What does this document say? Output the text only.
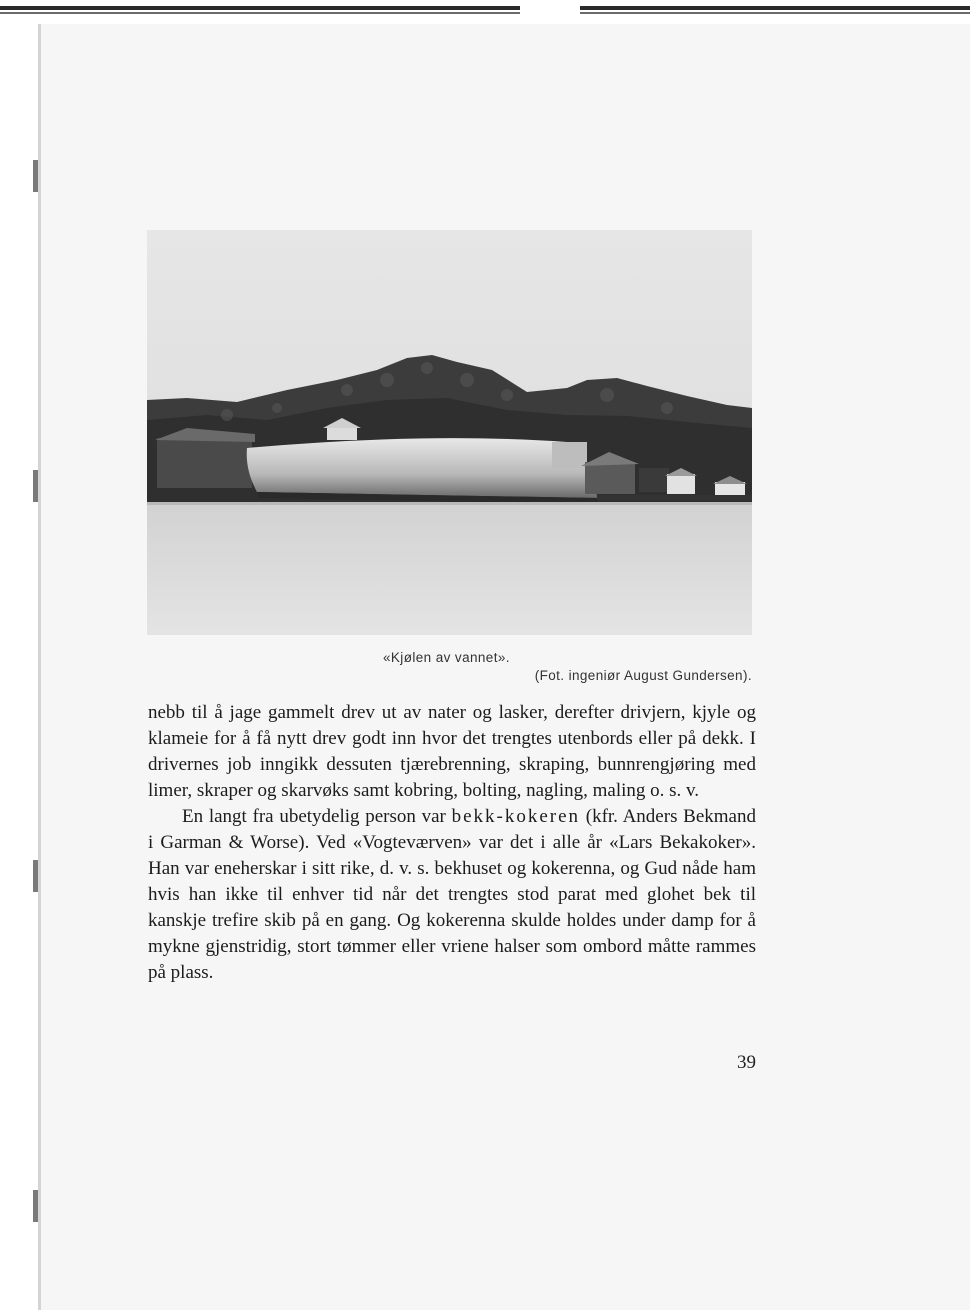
«Kjølen av vannet».
(Fot. ingeniør August Gundersen).

nebb til å jage gammelt drev ut av nater og lasker, derefter drivjern, kjyle og klameie for å få nytt drev godt inn hvor det trengtes utenbords eller på dekk. I drivernes job inngikk dessuten tjærebrenning, skraping, bunnrengjøring med limer, skraper og skarvøks samt kobring, bolting, nagling, maling o. s. v.

En langt fra ubetydelig person var bekk-kokeren (kfr. Anders Bekmand i Garman & Worse). Ved «Vogteværven» var det i alle år «Lars Bekakoker». Han var eneherskar i sitt rike, d. v. s. bekhuset og kokerenna, og Gud nåde ham hvis han ikke til enhver tid når det trengtes stod parat med glohet bek til kanskje trefire skib på en gang. Og kokerenna skulde holdes under damp for å mykne gjenstridig, stort tømmer eller vriene halser som ombord måtte rammes på plass.

39
